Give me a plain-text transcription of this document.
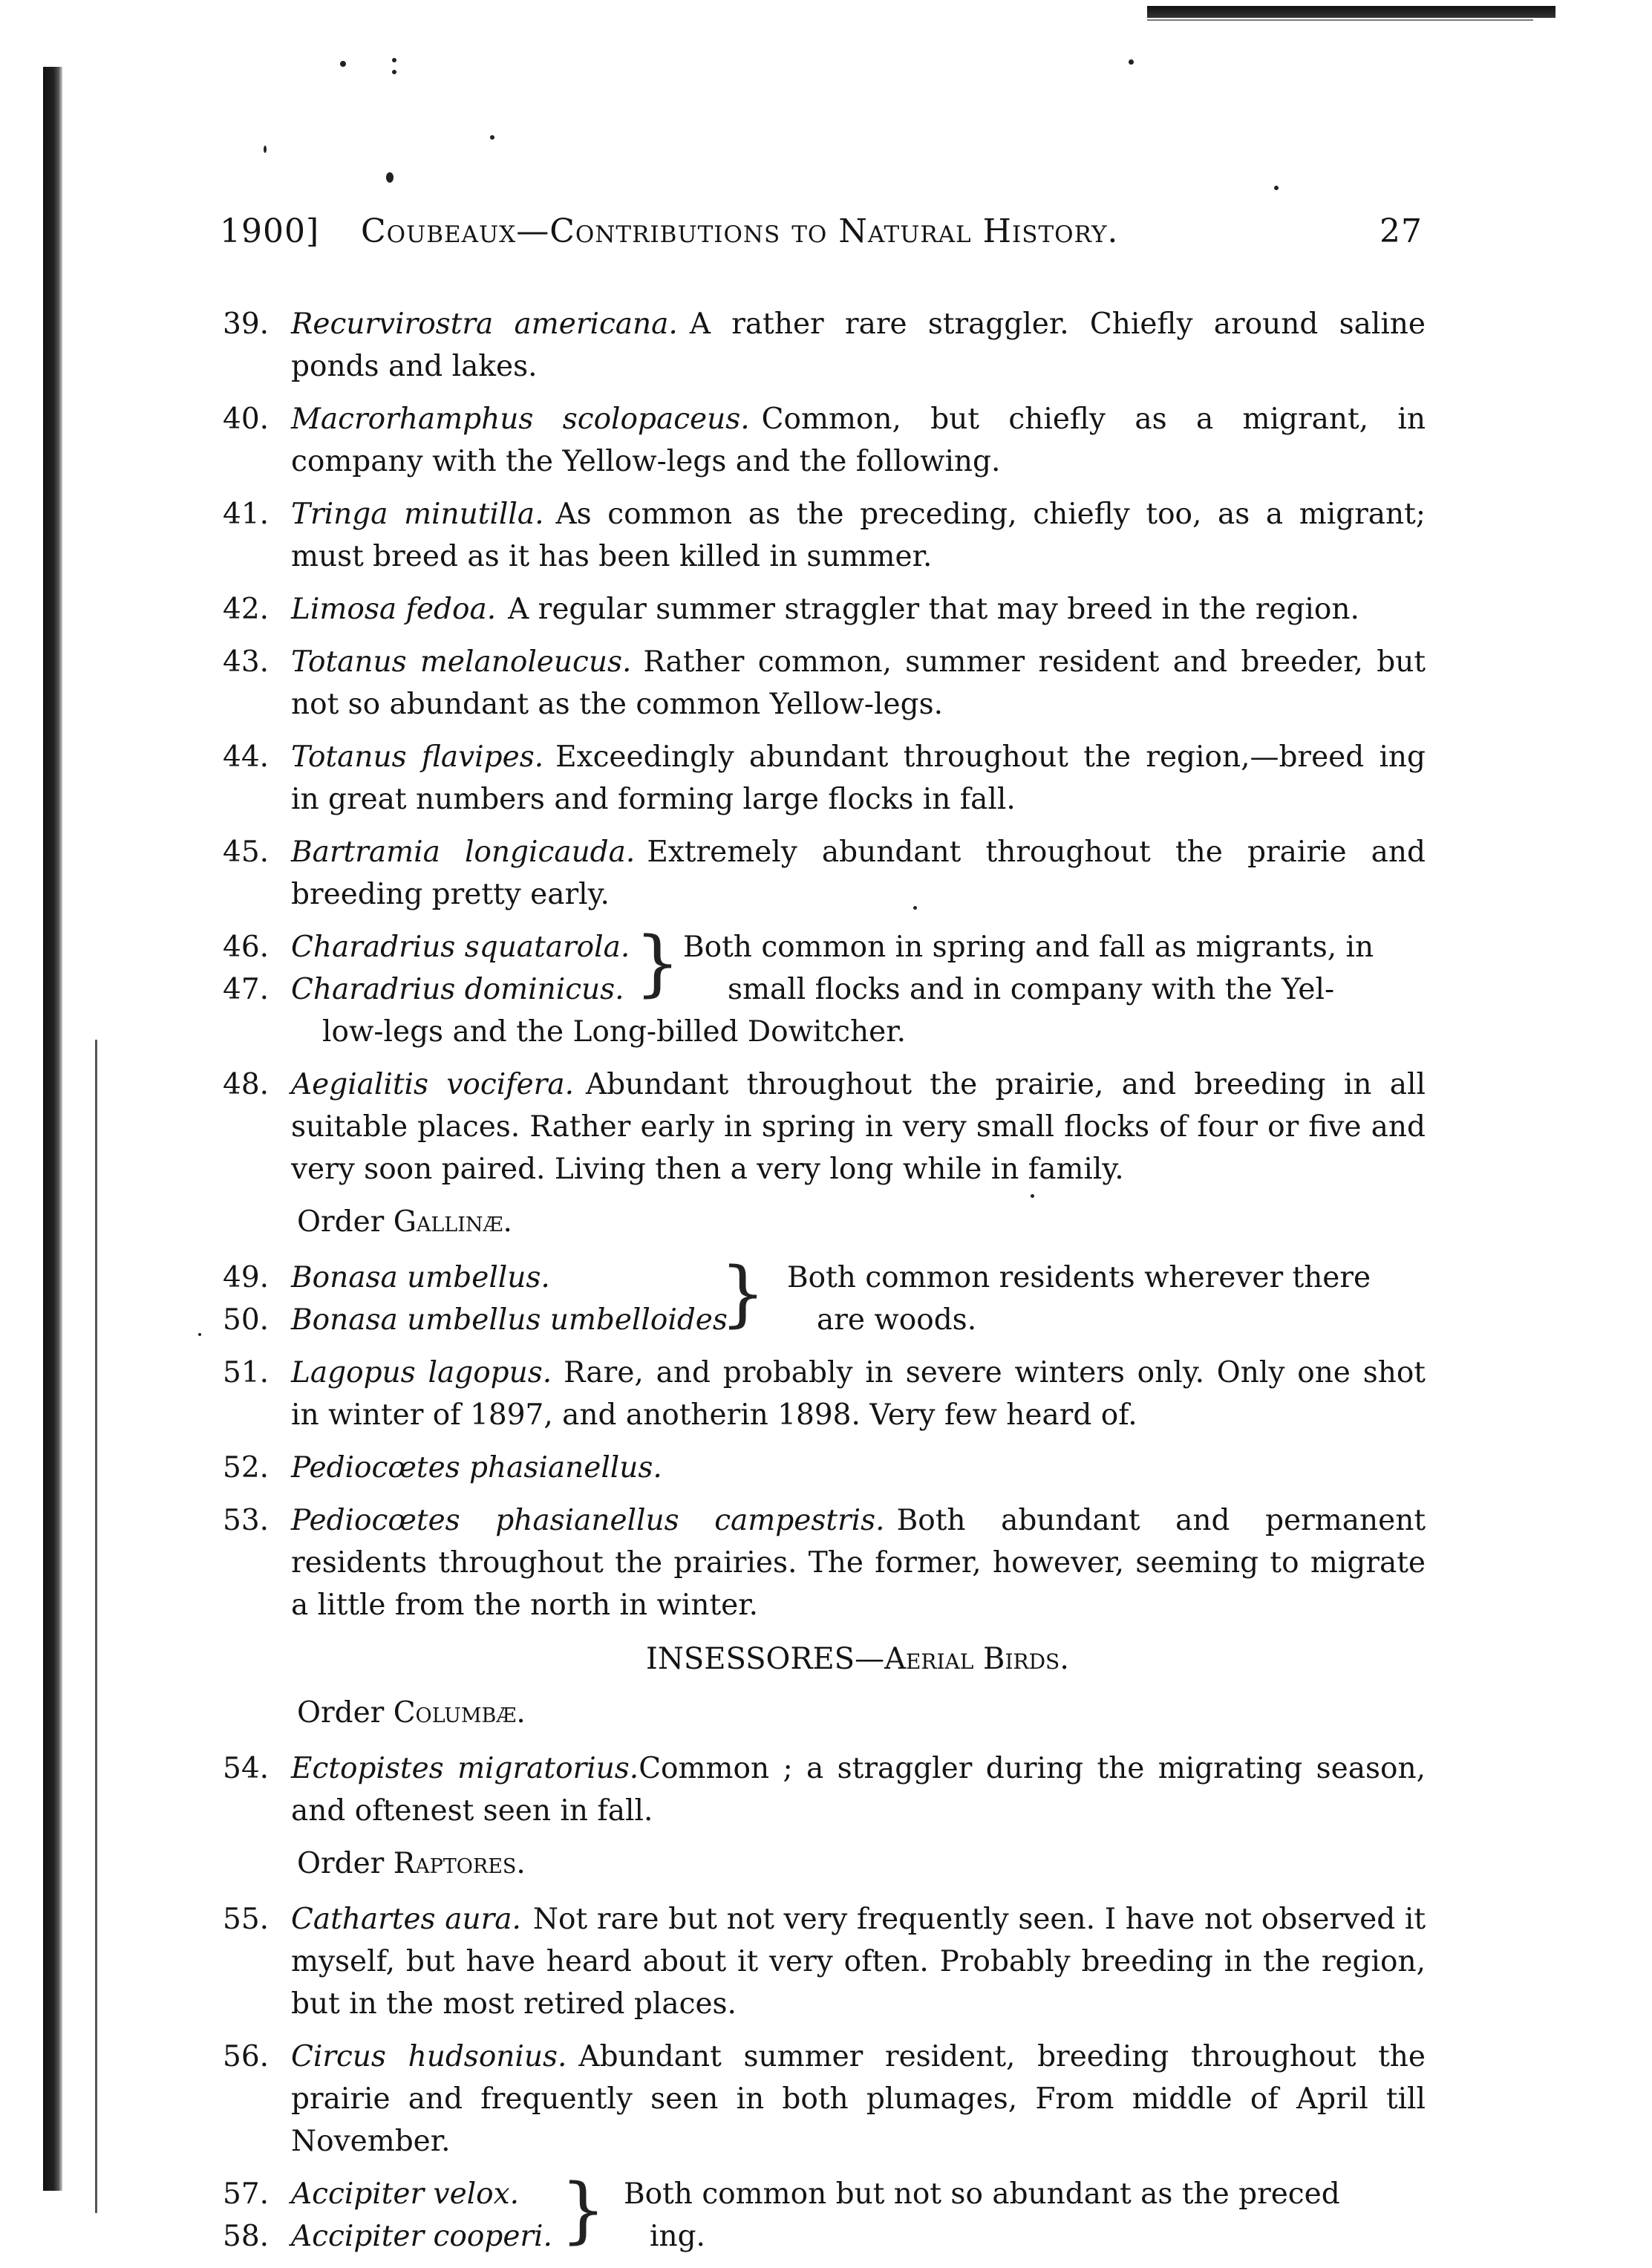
1900] Coubeaux—Contributions to Natural History.	27
39. Recurvirostra americana. A rather rare straggler. Chiefly around saline ponds and lakes.
40. Macrorhamphus scolopaceus. Common, but chiefly as a migrant, in company with the Yellow-legs and the following.
41. Tringa minutilla. As common as the preceding, chiefly too, as a migrant; must breed as it has been killed in summer.
42. Limosa fedoa. A regular summer straggler that may breed in the region.
43. Totanus melanoleucus. Rather common, summer resident and breeder, but not so abundant as the common Yellow-legs.
44. Totanus flavipes. Exceedingly abundant throughout the region,—breed ing in great numbers and forming large flocks in fall.
45. Bartramia longicauda. Extremely abundant throughout the prairie and breeding pretty early.
46. Charadrius squatarola.
47. Charadrius dominicus. } Both common in spring and fall as migrants, in
small flocks and in company with the Yel-
low-legs and the Long-billed Dowitcher.
48. Aegialitis vocifera. Abundant throughout the prairie, and breeding in all suitable places. Rather early in spring in very small flocks of four or five and very soon paired. Living then a very long while in family.
Order Gallinæ.
49. Bonasa umbellus.
50. Bonasa umbellus umbelloides.
} Both common residents wherever there
are woods.
51. Lagopus lagopus. Rare, and probably in severe winters only. Only one shot in winter of 1897, and anotherin 1898. Very few heard of.
52. Pediocœtes phasianellus.
53. Pediocœtes phasianellus campestris. Both abundant and permanent residents throughout the prairies. The former, however, seeming to migrate a little from the north in winter.
INSESSORES—Aerial Birds.
Order Columbæ.
54. Ectopistes migratorius.Common ; a straggler during the migrating season, and oftenest seen in fall.
Order Raptores.
55. Cathartes aura. Not rare but not very frequently seen. I have not observed it myself, but have heard about it very often. Probably breeding in the region, but in the most retired places.
56. Circus hudsonius. Abundant summer resident, breeding throughout the prairie and frequently seen in both plumages, From middle of April till November.
57. Accipiter velox.
58. Accipiter cooperi. } Both common but not so abundant as the preced
ing.
